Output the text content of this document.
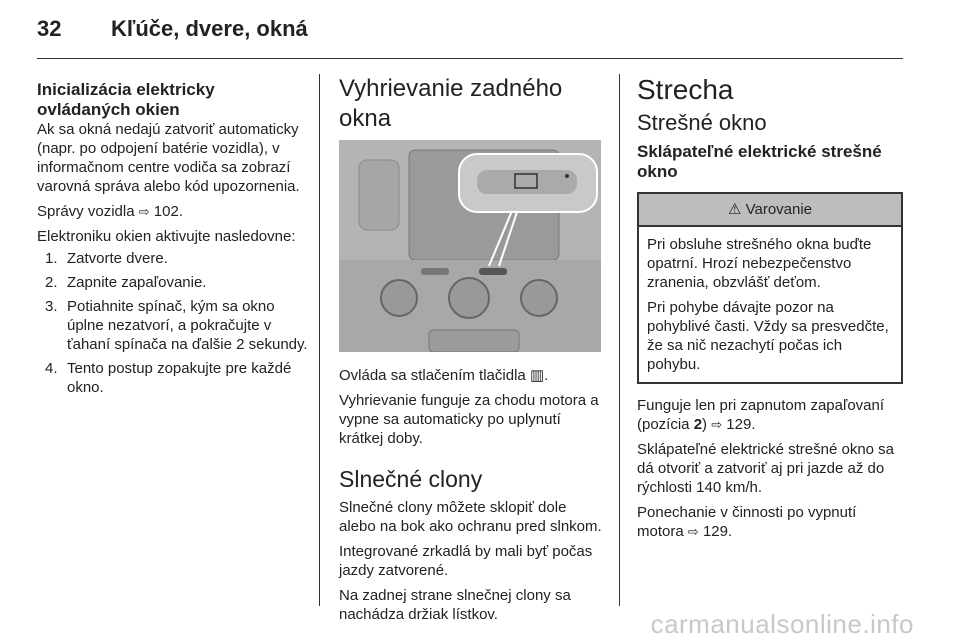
32 Kľúče, dvere, okná
Inicializácia elektricky ovládaných okien

Ak sa okná nedajú zatvoriť automaticky (napr. po odpojení batérie vozidla), v informačnom centre vodiča sa zobrazí varovná správa alebo kód upozornenia.

Správy vozidla ⇨ 102.

Elektroniku okien aktivujte nasledovne:

1. Zatvorte dvere.
2. Zapnite zapaľovanie.
3. Potiahnite spínač, kým sa okno úplne nezatvorí, a pokračujte v ťahaní spínača na ďalšie 2 sekundy.
4. Tento postup zopakujte pre každé okno.
Vyhrievanie zadného okna

Ovláda sa stlačením tlačidla ▥.

Vyhrievanie funguje za chodu motora a vypne sa automaticky po uplynutí krátkej doby.

Slnečné clony

Slnečné clony môžete sklopiť dole alebo na bok ako ochranu pred slnkom.

Integrované zrkadlá by mali byť počas jazdy zatvorené.

Na zadnej strane slnečnej clony sa nachádza držiak lístkov.

Strecha
Strešné okno
Sklápateľné elektrické strešné okno
⚠ Varovanie

Pri obsluhe strešného okna buďte opatrní. Hrozí nebezpečenstvo zranenia, obzvlášť deťom.

Pri pohybe dávajte pozor na pohyblivé časti. Vždy sa presvedčte, že sa nič nezachytí počas ich pohybu.

Funguje len pri zapnutom zapaľovaní (pozícia 2) ⇨ 129.

Sklápateľné elektrické strešné okno sa dá otvoriť a zatvoriť aj pri jazde až do rýchlosti 140 km/h.

Ponechanie v činnosti po vypnutí motora ⇨ 129.

carmanualsonline.info
